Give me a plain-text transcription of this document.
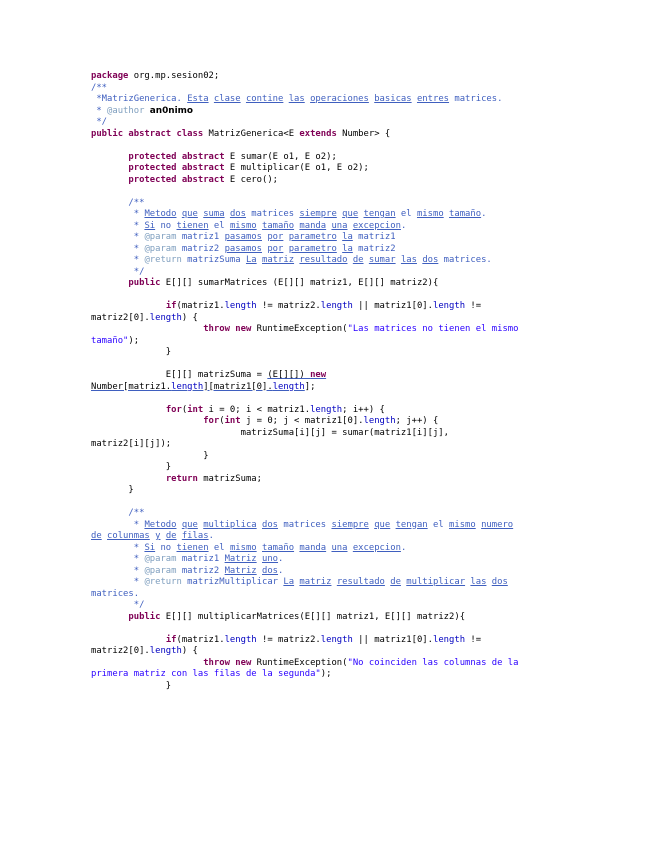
package org.mp.sesion02;
/**
*MatrizGenerica. Esta clase contine las operaciones basicas entres matrices.
* @author an0nimo
*/
public abstract class MatrizGenerica<E extends Number> {
protected abstract E sumar(E o1, E o2);
protected abstract E multiplicar(E o1, E o2);
protected abstract E cero();
/**
* Metodo que suma dos matrices siempre que tengan el mismo tamaño.
* Si no tienen el mismo tamaño manda una excepcion.
* @param matriz1 pasamos por parametro la matriz1
* @param matriz2 pasamos por parametro la matriz2
* @return matrizSuma La matriz resultado de sumar las dos matrices.
*/
public E[][] sumarMatrices (E[][] matriz1, E[][] matriz2){
if(matriz1.length != matriz2.length || matriz1[0].length !=
matriz2[0].length) {
throw new RuntimeException("Las matrices no tienen el mismo
tamaño");
}
E[][] matrizSuma = (E[][]) new
Number[matriz1.length][matriz1[0].length];
for(int i = 0; i < matriz1.length; i++) {
for(int j = 0; j < matriz1[0].length; j++) {
matrizSuma[i][j] = sumar(matriz1[i][j],
matriz2[i][j]);
}
}
return matrizSuma;
}
/**
* Metodo que multiplica dos matrices siempre que tengan el mismo numero
de colunmas y de filas.
* Si no tienen el mismo tamaño manda una excepcion.
* @param matriz1 Matriz uno.
* @param matriz2 Matriz dos.
* @return matrizMultiplicar La matriz resultado de multiplicar las dos
matrices.
*/
public E[][] multiplicarMatrices(E[][] matriz1, E[][] matriz2){
if(matriz1.length != matriz2.length || matriz1[0].length !=
matriz2[0].length) {
throw new RuntimeException("No coinciden las columnas de la
primera matriz con las filas de la segunda");
}
